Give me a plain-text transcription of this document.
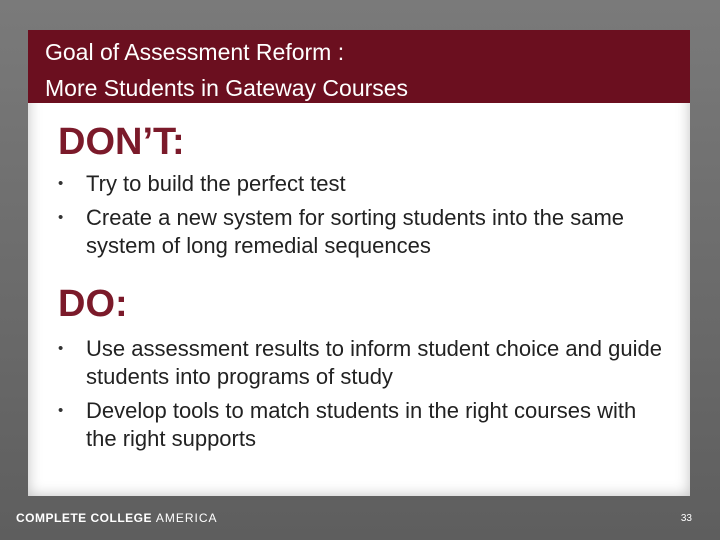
Goal of Assessment Reform :
More Students in Gateway Courses
DON’T:
•	Try to build the perfect test
•	Create a new system for sorting students into the same system of long remedial sequences
DO:
•	Use assessment results to inform student choice and guide students into programs of study
•	Develop tools to match students in the right courses with the right supports
COMPLETE COLLEGE AMERICA	33
